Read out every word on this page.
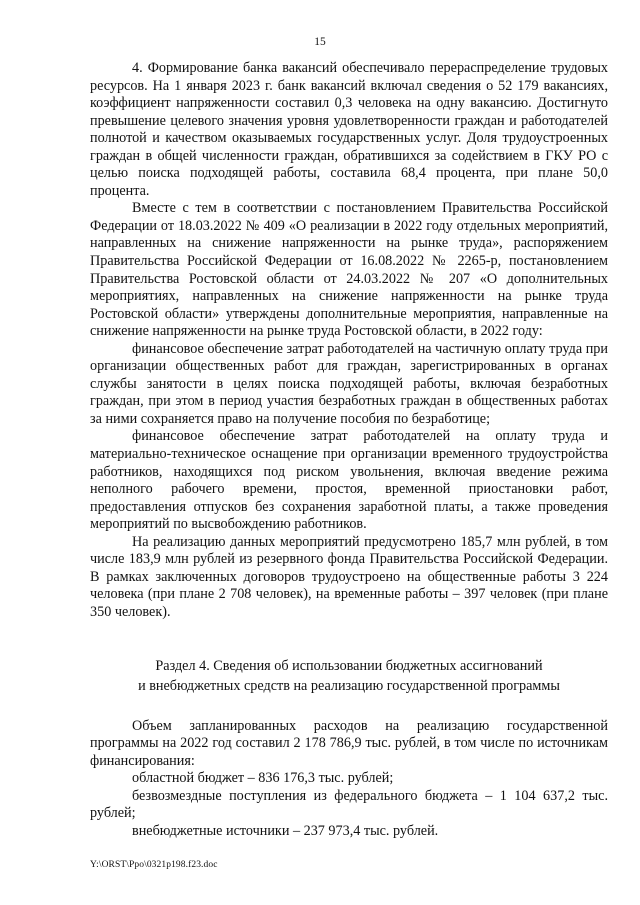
15

4. Формирование банка вакансий обеспечивало перераспределение трудовых ресурсов. На 1 января 2023 г. банк вакансий включал сведения о 52 179 вакансиях, коэффициент напряженности составил 0,3 человека на одну вакансию. Достигнуто превышение целевого значения уровня удовлетворенности граждан и работодателей полнотой и качеством оказываемых государственных услуг. Доля трудоустроенных граждан в общей численности граждан, обратившихся за содействием в ГКУ РО с целью поиска подходящей работы, составила 68,4 процента, при плане 50,0 процента.

Вместе с тем в соответствии с постановлением Правительства Российской Федерации от 18.03.2022 № 409 «О реализации в 2022 году отдельных мероприятий, направленных на снижение напряженности на рынке труда», распоряжением Правительства Российской Федерации от 16.08.2022 № 2265-р, постановлением Правительства Ростовской области от 24.03.2022 № 207 «О дополнительных мероприятиях, направленных на снижение напряженности на рынке труда Ростовской области» утверждены дополнительные мероприятия, направленные на снижение напряженности на рынке труда Ростовской области, в 2022 году:

финансовое обеспечение затрат работодателей на частичную оплату труда при организации общественных работ для граждан, зарегистрированных в органах службы занятости в целях поиска подходящей работы, включая безработных граждан, при этом в период участия безработных граждан в общественных работах за ними сохраняется право на получение пособия по безработице;

финансовое обеспечение затрат работодателей на оплату труда и материально-техническое оснащение при организации временного трудоустройства работников, находящихся под риском увольнения, включая введение режима неполного рабочего времени, простоя, временной приостановки работ, предоставления отпусков без сохранения заработной платы, а также проведения мероприятий по высвобождению работников.

На реализацию данных мероприятий предусмотрено 185,7 млн рублей, в том числе 183,9 млн рублей из резервного фонда Правительства Российской Федерации. В рамках заключенных договоров трудоустроено на общественные работы 3 224 человека (при плане 2 708 человек), на временные работы – 397 человек (при плане 350 человек).

Раздел 4. Сведения об использовании бюджетных ассигнований
и внебюджетных средств на реализацию государственной программы

Объем запланированных расходов на реализацию государственной программы на 2022 год составил 2 178 786,9 тыс. рублей, в том числе по источникам финансирования:

областной бюджет – 836 176,3 тыс. рублей;

безвозмездные поступления из федерального бюджета – 1 104 637,2 тыс. рублей;

внебюджетные источники – 237 973,4 тыс. рублей.

Y:\ORST\Ppo\0321p198.f23.doc
